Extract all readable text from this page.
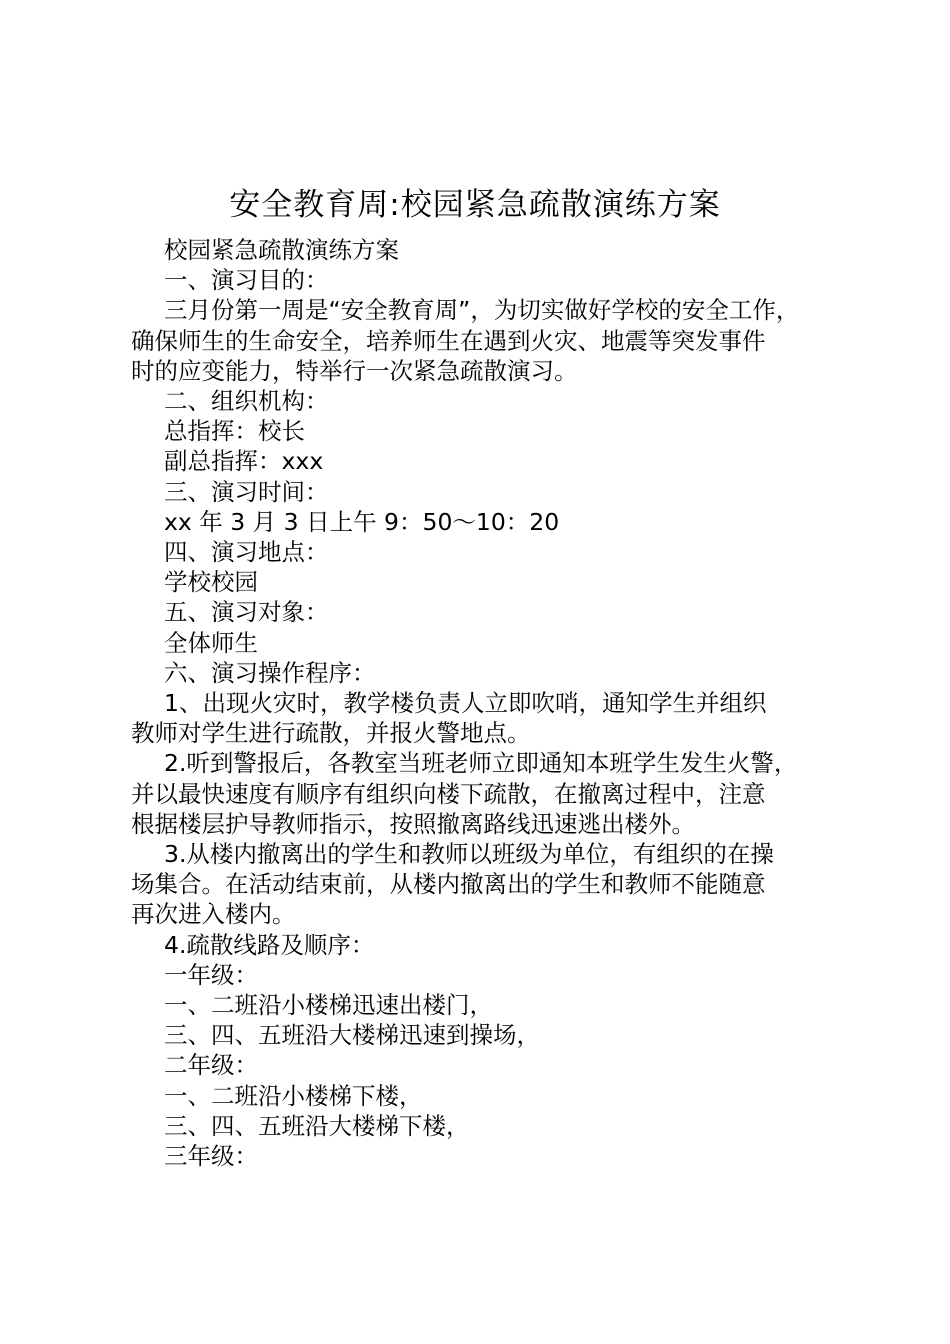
安全教育周:校园紧急疏散演练方案

校园紧急疏散演练方案

一、演习目的：

三月份第一周是“安全教育周”，为切实做好学校的安全工作，

确保师生的生命安全，培养师生在遇到火灾、地震等突发事件

时的应变能力，特举行一次紧急疏散演习。

二、组织机构：

总指挥：校长

副总指挥：xxx

三、演习时间：

xx 年 3 月 3 日上午 9：50～10：20

四、演习地点：

学校校园

五、演习对象：

全体师生

六、演习操作程序：

1、出现火灾时，教学楼负责人立即吹哨，通知学生并组织

教师对学生进行疏散，并报火警地点。

2.听到警报后，各教室当班老师立即通知本班学生发生火警，

并以最快速度有顺序有组织向楼下疏散，在撤离过程中，注意

根据楼层护导教师指示，按照撤离路线迅速逃出楼外。

3.从楼内撤离出的学生和教师以班级为单位，有组织的在操

场集合。在活动结束前，从楼内撤离出的学生和教师不能随意

再次进入楼内。

4.疏散线路及顺序：

一年级：

一、二班沿小楼梯迅速出楼门，

三、四、五班沿大楼梯迅速到操场，

二年级：

一、二班沿小楼梯下楼，

三、四、五班沿大楼梯下楼，

三年级：
